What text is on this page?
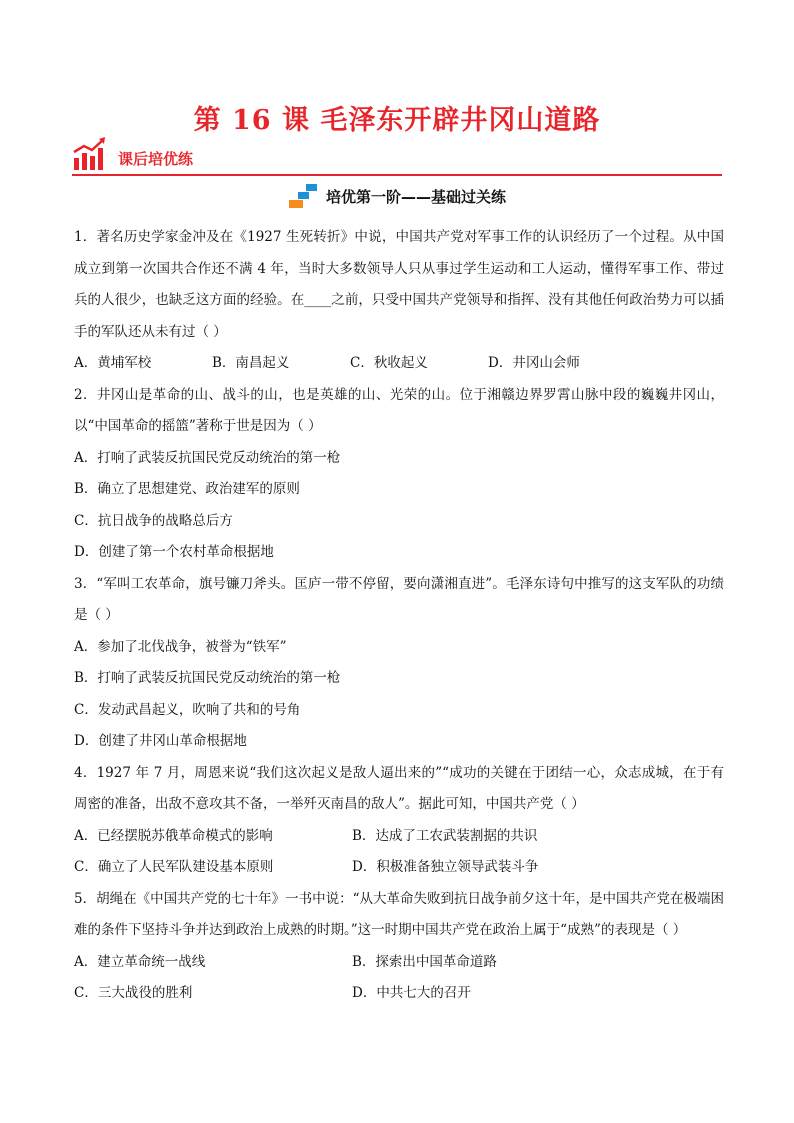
第 16 课 毛泽东开辟井冈山道路
课后培优练
培优第一阶——基础过关练

1．著名历史学家金冲及在《1927 生死转折》中说，中国共产党对军事工作的认识经历了一个过程。从中国成立到第一次国共合作还不满 4 年，当时大多数领导人只从事过学生运动和工人运动，懂得军事工作、带过兵的人很少，也缺乏这方面的经验。在____之前，只受中国共产党领导和指挥、没有其他任何政治势力可以插手的军队还从未有过（ ）

A．黄埔军校	B．南昌起义	C．秋收起义	D．井冈山会师

2．井冈山是革命的山、战斗的山，也是英雄的山、光荣的山。位于湘赣边界罗霄山脉中段的巍巍井冈山，以“中国革命的摇篮”著称于世是因为（ ）

A．打响了武装反抗国民党反动统治的第一枪

B．确立了思想建党、政治建军的原则

C．抗日战争的战略总后方

D．创建了第一个农村革命根据地

3．“军叫工农革命，旗号镰刀斧头。匡庐一带不停留，要向潇湘直进”。毛泽东诗句中推写的这支军队的功绩是（ ）

A．参加了北伐战争，被誉为“铁军”

B．打响了武装反抗国民党反动统治的第一枪

C．发动武昌起义，吹响了共和的号角

D．创建了井冈山革命根据地

4．1927 年 7 月，周恩来说“我们这次起义是敌人逼出来的”“成功的关键在于团结一心，众志成城，在于有周密的准备，出敌不意攻其不备，一举歼灭南昌的敌人”。据此可知，中国共产党（ ）

A．已经摆脱苏俄革命模式的影响	B．达成了工农武装割据的共识
C．确立了人民军队建设基本原则	D．积极准备独立领导武装斗争

5．胡绳在《中国共产党的七十年》一书中说：“从大革命失败到抗日战争前夕这十年，是中国共产党在极端困难的条件下坚持斗争并达到政治上成熟的时期。”这一时期中国共产党在政治上属于“成熟”的表现是（ ）

A．建立革命统一战线	B．探索出中国革命道路
C．三大战役的胜利	D．中共七大的召开
